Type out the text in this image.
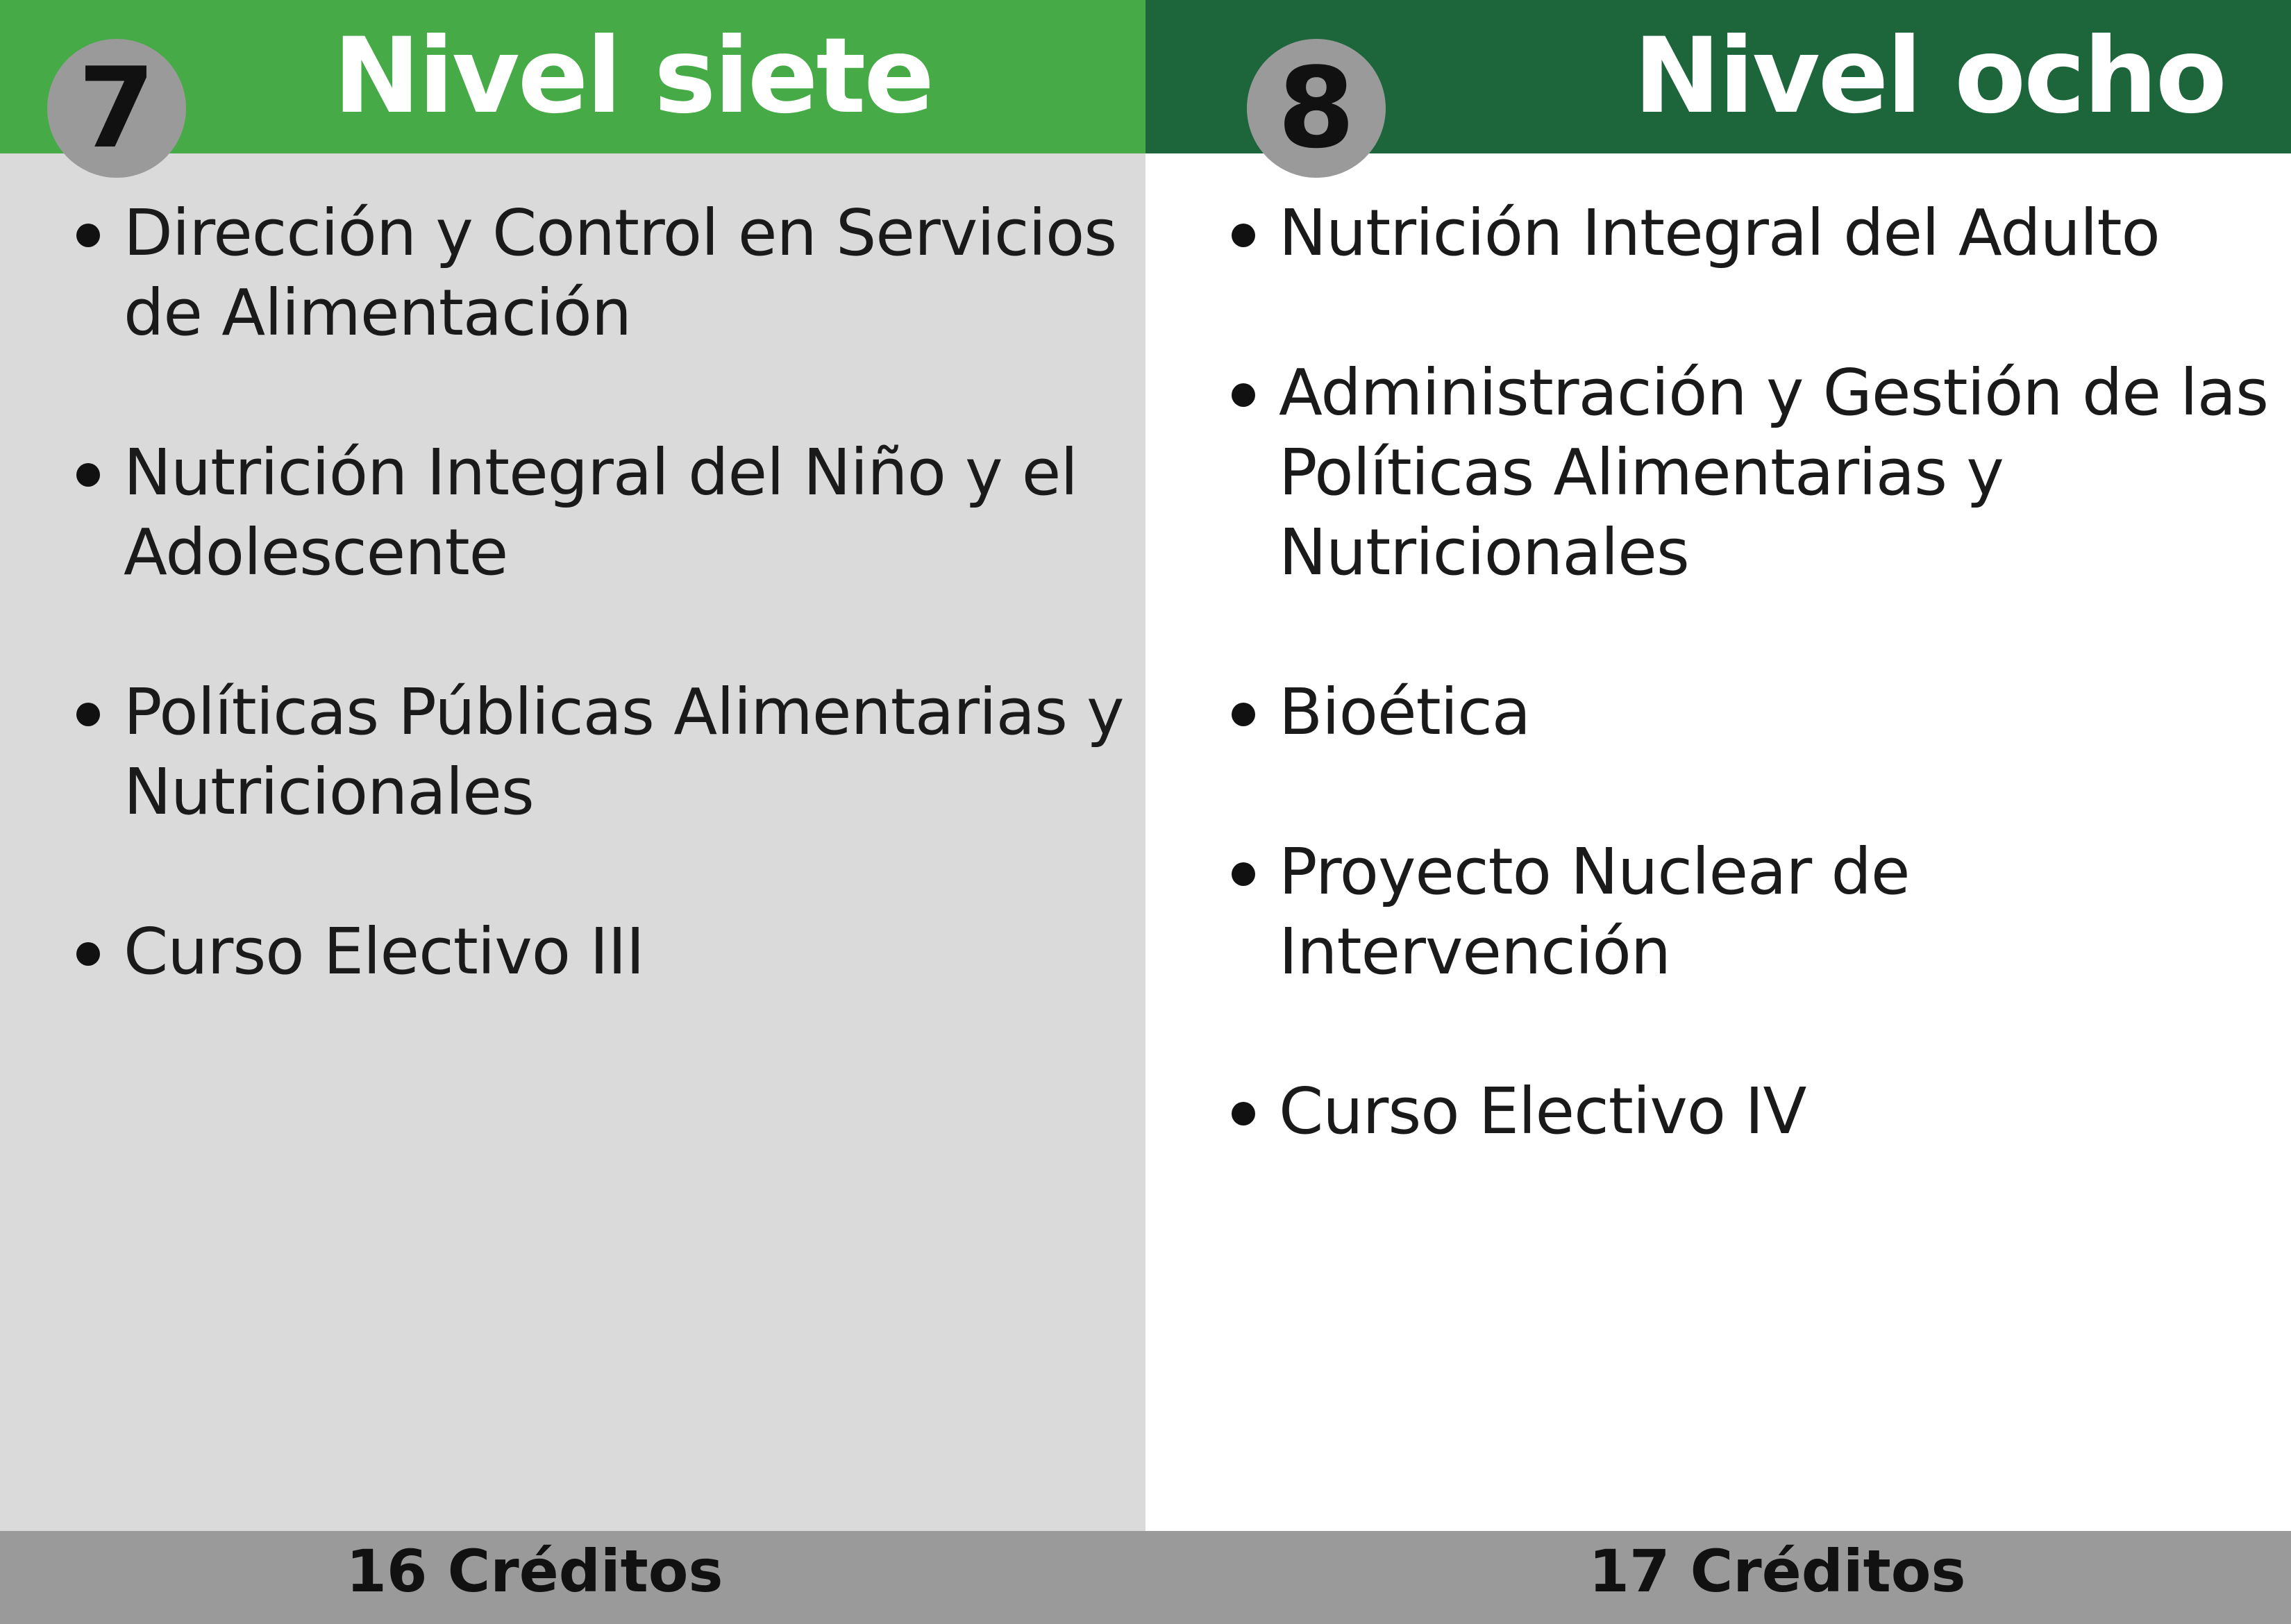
Nivel siete
7
Dirección y Control en Servicios de Alimentación
Nutrición Integral del Niño y el Adolescente
Políticas Públicas Alimentarias y Nutricionales
Curso Electivo III
16 Créditos
Nivel ocho
8
Nutrición Integral del Adulto
Administración y Gestión de las Políticas Alimentarias y Nutricionales
Bioética
Proyecto Nuclear de Intervención
Curso Electivo IV
17 Créditos
